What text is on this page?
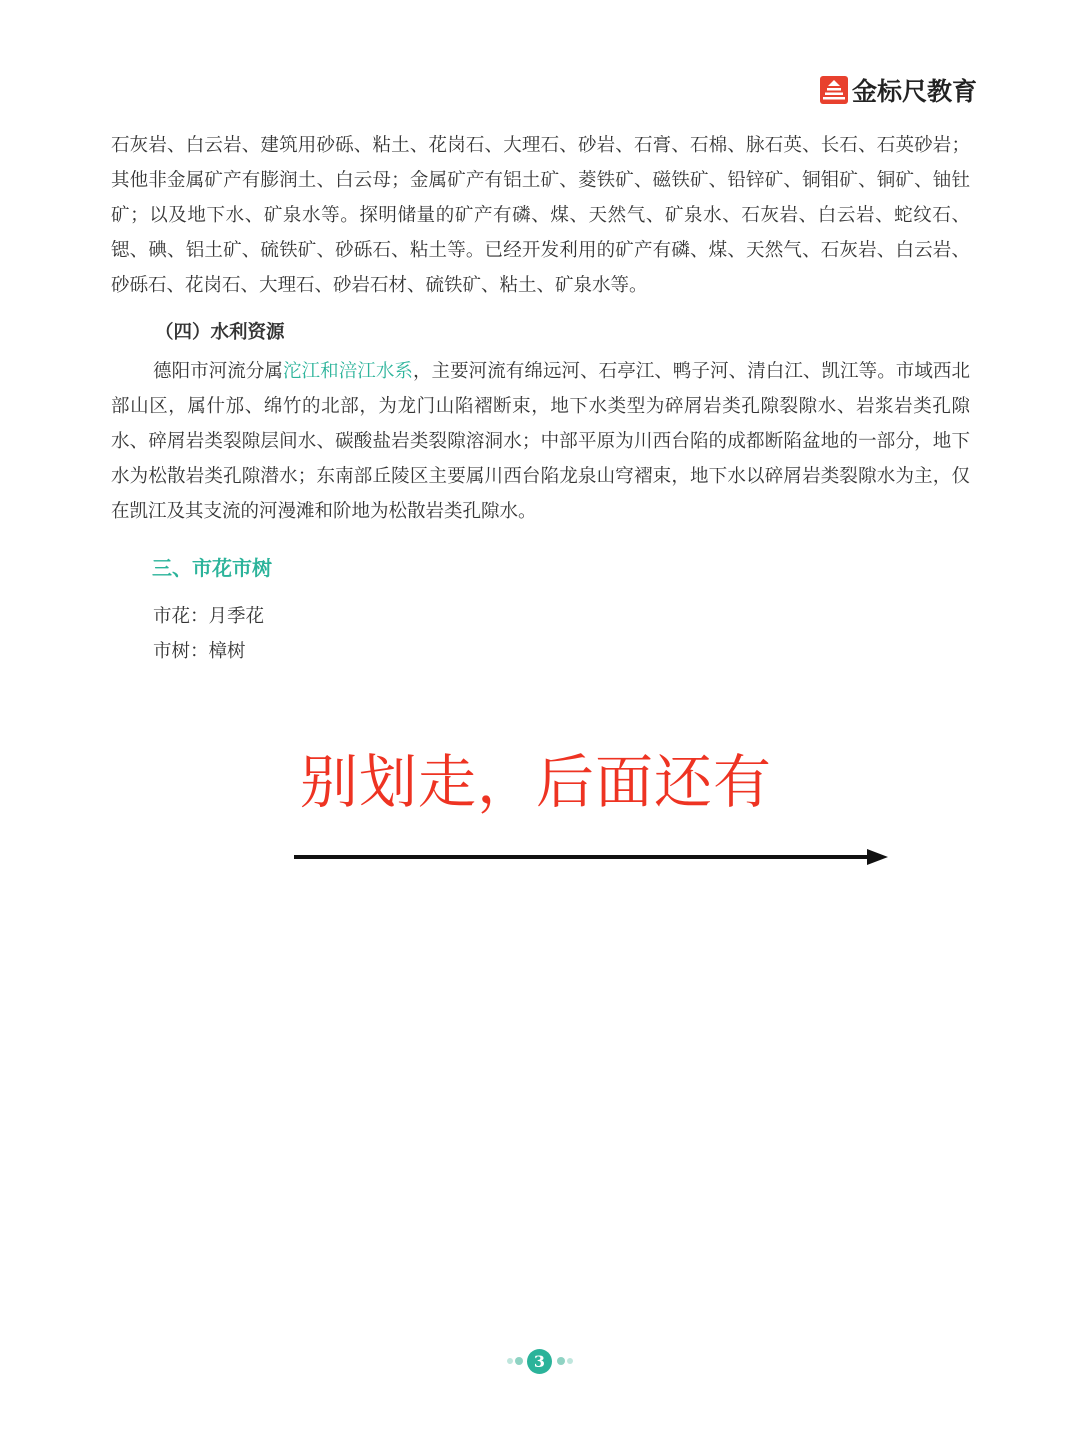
金标尺教育

石灰岩、白云岩、建筑用砂砾、粘土、花岗石、大理石、砂岩、石膏、石棉、脉石英、长石、石英砂岩；其他非金属矿产有膨润土、白云母；金属矿产有铝土矿、菱铁矿、磁铁矿、铅锌矿、铜钼矿、铜矿、铀钍矿；以及地下水、矿泉水等。探明储量的矿产有磷、煤、天然气、矿泉水、石灰岩、白云岩、蛇纹石、锶、碘、铝土矿、硫铁矿、砂砾石、粘土等。已经开发利用的矿产有磷、煤、天然气、石灰岩、白云岩、砂砾石、花岗石、大理石、砂岩石材、硫铁矿、粘土、矿泉水等。

（四）水利资源

德阳市河流分属沱江和涪江水系，主要河流有绵远河、石亭江、鸭子河、清白江、凯江等。市域西北部山区，属什邡、绵竹的北部，为龙门山陷褶断束，地下水类型为碎屑岩类孔隙裂隙水、岩浆岩类孔隙水、碎屑岩类裂隙层间水、碳酸盐岩类裂隙溶洞水；中部平原为川西台陷的成都断陷盆地的一部分，地下水为松散岩类孔隙潜水；东南部丘陵区主要属川西台陷龙泉山穹褶束，地下水以碎屑岩类裂隙水为主，仅在凯江及其支流的河漫滩和阶地为松散岩类孔隙水。

三、市花市树

市花：月季花

市树：樟树

别划走，后面还有

3
